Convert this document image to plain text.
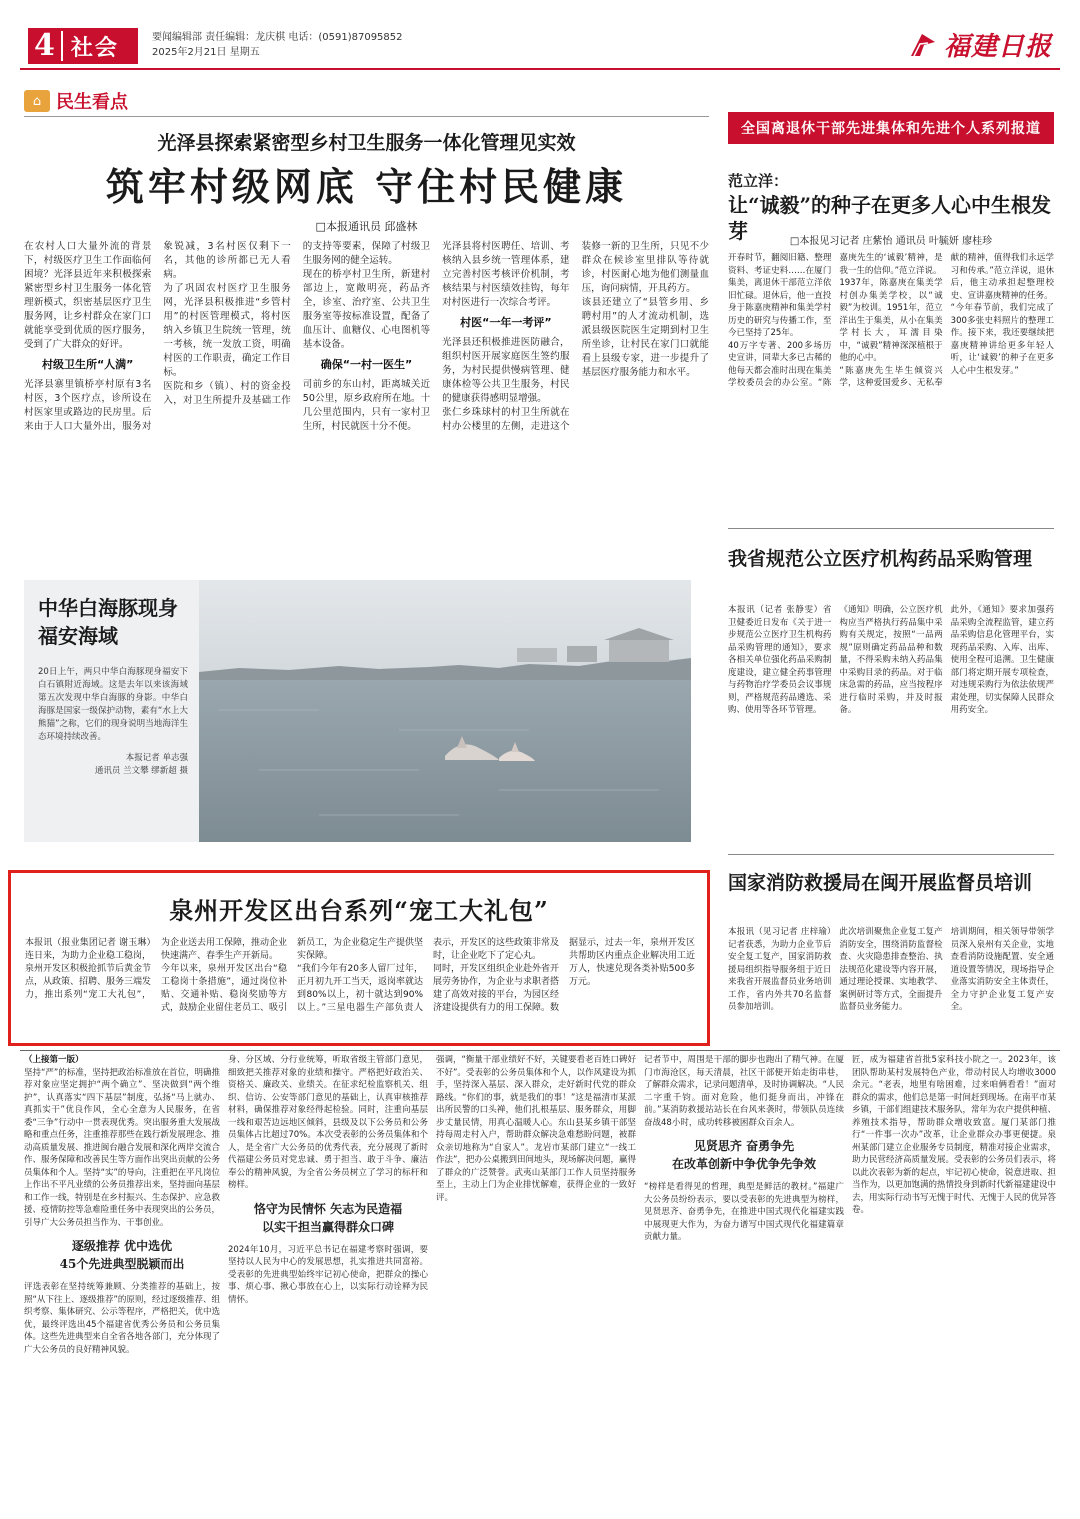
4 社会	要闻编辑部 责任编辑：龙庆棋 电话：(0591)87095852
2025年2月21日 星期五	福建日报
⌂ 民生看点
光泽县探索紧密型乡村卫生服务一体化管理见实效
筑牢村级网底 守住村民健康
□本报通讯员 邱盛林

在农村人口大量外流的背景下，村级医疗卫生工作面临何困境？光泽县近年来积极探索紧密型乡村卫生服务一体化管理新模式，织密基层医疗卫生服务网，让乡村群众在家门口就能享受到优质的医疗服务，受到了广大群众的好评。

村级卫生所“人满”

光泽县寨里镇桥亭村原有3名村医，3个医疗点，诊所设在村医家里或路边的民房里。后来由于人口大量外出，服务对象锐减，3名村医仅剩下一名，其他的诊所都已无人看病。

为了巩固农村医疗卫生服务网，光泽县积极推进“乡管村用”的村医管理模式，将村医纳入乡镇卫生院统一管理，统一考核，统一发放工资，明确村医的工作职责，确定工作目标。

医院和乡（镇）、村的资金投入，对卫生所提升及基础工作的支持等要素，保障了村级卫生服务网的健全运转。

现在的桥亭村卫生所，新建村部边上，宽敞明亮，药品齐全，诊室、治疗室、公共卫生服务室等按标准设置，配备了血压计、血糖仪、心电图机等基本设备。

确保“一村一医生”

司前乡的东山村，距离城关近50公里，原乡政府所在地。十几公里范围内，只有一家村卫生所，村民就医十分不便。

光泽县将村医聘任、培训、考核纳入县乡统一管理体系，建立完善村医考核评价机制，考核结果与村医绩效挂钩，每年对村医进行一次综合考评。

村医“一年一考评”

光泽县还积极推进医防融合，组织村医开展家庭医生签约服务，为村民提供慢病管理、健康体检等公共卫生服务，村民的健康获得感明显增强。

张仁乡珠球村的村卫生所就在村办公楼里的左侧，走进这个装修一新的卫生所，只见不少群众在候诊室里排队等待就诊，村医耐心地为他们测量血压，询问病情，开具药方。

该县还建立了“县管乡用、乡聘村用”的人才流动机制，选派县级医院医生定期到村卫生所坐诊，让村民在家门口就能看上县级专家，进一步提升了基层医疗服务能力和水平。

中华白海豚现身福安海域
20日上午，两只中华白海豚现身福安下白石镇附近海域。这是去年以来该海域第五次发现中华白海豚的身影。中华白海豚是国家一级保护动物，素有“水上大熊猫”之称，它们的现身说明当地海洋生态环境持续改善。
本报记者 单志强
通讯员 兰文攀 缪新超 摄
泉州开发区出台系列“宠工大礼包”

本报讯（报业集团记者 谢玉琳）连日来，为助力企业稳工稳岗，泉州开发区积极抢抓节后黄金节点，从政策、招聘、服务三端发力，推出系列“宠工大礼包”，为企业送去用工保障，推动企业快速满产、春季生产开新局。

今年以来，泉州开发区出台“稳工稳岗十条措施”，通过岗位补贴、交通补贴、稳岗奖励等方式，鼓励企业留住老员工、吸引新员工，为企业稳定生产提供坚实保障。

“我们今年有20多人留厂过年，正月初九开工当天，返岗率就达到80%以上，初十就达到90%以上。”三星电器生产部负责人表示，开发区的这些政策非常及时，让企业吃下了定心丸。

同时，开发区组织企业赴外省开展劳务协作，为企业与求职者搭建了高效对接的平台，为园区经济建设提供有力的用工保障。数据显示，过去一年，泉州开发区共帮助区内重点企业解决用工近万人，快速兑现各类补贴500多万元。

全国离退休干部先进集体和先进个人系列报道
范立洋：
让“诚毅”的种子在更多人心中生根发芽	□本报见习记者 庄紫怡 通讯员 叶毓妍 廖桂珍

开春时节，翻阅旧籍、整理资料、考证史料……在厦门集美，离退休干部范立洋依旧忙碌。退休后，他一直投身于陈嘉庚精神和集美学村历史的研究与传播工作，至今已坚持了25年。

40万字专著、200多场历史宣讲，同辈大多已古稀的他每天都会准时出现在集美学校委员会的办公室。“陈嘉庚先生的‘诚毅’精神，是我一生的信仰。”范立洋说。

1937年，陈嘉庚在集美学村创办集美学校，以“诚毅”为校训。1951年，范立洋出生于集美，从小在集美学村长大，耳濡目染中，“诚毅”精神深深植根于他的心中。

“陈嘉庚先生毕生倾资兴学，这种爱国爱乡、无私奉献的精神，值得我们永远学习和传承。”范立洋说，退休后，他主动承担起整理校史、宣讲嘉庚精神的任务。

“今年春节前，我们完成了300多张史料照片的整理工作。接下来，我还要继续把嘉庚精神讲给更多年轻人听，让‘诚毅’的种子在更多人心中生根发芽。”

我省规范公立医疗机构药品采购管理

本报讯（记者 张静雯）省卫健委近日发布《关于进一步规范公立医疗卫生机构药品采购管理的通知》，要求各相关单位强化药品采购制度建设，建立健全药事管理与药物治疗学委员会议事规则，严格规范药品遴选、采购、使用等各环节管理。

《通知》明确，公立医疗机构应当严格执行药品集中采购有关规定，按照“一品两规”原则确定药品品种和数量，不得采购未纳入药品集中采购目录的药品。对于临床急需的药品，应当按程序进行临时采购，并及时报备。

此外，《通知》要求加强药品采购全流程监管，建立药品采购信息化管理平台，实现药品采购、入库、出库、使用全程可追溯。卫生健康部门将定期开展专项检查，对违规采购行为依法依规严肃处理，切实保障人民群众用药安全。

国家消防救援局在闽开展监督员培训

本报讯（见习记者 庄梓瑜）记者获悉，为助力企业节后安全复工复产，国家消防救援局组织指导服务组于近日来我省开展监督员业务培训工作，省内外共70名监督员参加培训。

此次培训聚焦企业复工复产消防安全，围绕消防监督检查、火灾隐患排查整治、执法规范化建设等内容开展，通过理论授课、实地教学、案例研讨等方式，全面提升监督员业务能力。

培训期间，相关领导带领学员深入泉州有关企业，实地查看消防设施配置、安全通道设置等情况，现场指导企业落实消防安全主体责任，全力守护企业复工复产安全。

（上接第一版）

坚持“严”的标准，坚持把政治标准放在首位，明确推荐对象应坚定拥护“两个确立”、坚决做到“两个维护”，认真落实“四下基层”制度，弘扬“马上就办、真抓实干”优良作风，全心全意为人民服务，在省委“三争”行动中一贯表现优秀。突出服务重大发展战略和重点任务，注重推荐那些在践行新发展理念、推动高质量发展、推进闽台融合发展和深化两岸交流合作、服务保障和改善民生等方面作出突出贡献的公务员集体和个人。坚持“实”的导向，注重把在平凡岗位上作出不平凡业绩的公务员推荐出来，坚持面向基层和工作一线，特别是在乡村振兴、生态保护、应急救援、疫情防控等急难险重任务中表现突出的公务员，引导广大公务员担当作为、干事创业。

逐级推荐 优中选优
45个先进典型脱颖而出

评选表彰在坚持统筹兼顾、分类推荐的基础上，按照“从下往上、逐级推荐”的原则，经过逐级推荐、组织考察、集体研究、公示等程序，严格把关，优中选优，最终评选出45个福建省优秀公务员和公务员集体。这些先进典型来自全省各地各部门，充分体现了广大公务员的良好精神风貌。

身、分区域、分行业统筹，听取省级主管部门意见，细致把关推荐对象的业绩和操守。严格把好政治关、资格关、廉政关、业绩关。在征求纪检监察机关、组织、信访、公安等部门意见的基础上，认真审核推荐材料，确保推荐对象经得起检验。同时，注重向基层一线和艰苦边远地区倾斜，县级及以下公务员和公务员集体占比超过70%。本次受表彰的公务员集体和个人，是全省广大公务员的优秀代表，充分展现了新时代福建公务员对党忠诚、勇于担当、敢于斗争、廉洁奉公的精神风貌，为全省公务员树立了学习的标杆和榜样。

恪守为民情怀 矢志为民造福
以实干担当赢得群众口碑

2024年10月，习近平总书记在福建考察时强调，要坚持以人民为中心的发展思想，扎实推进共同富裕。受表彰的先进典型始终牢记初心使命，把群众的操心事、烦心事、揪心事放在心上，以实际行动诠释为民情怀。

强调，“衡量干部业绩好不好，关键要看老百姓口碑好不好”。受表彰的公务员集体和个人，以作风建设为抓手，坚持深入基层、深入群众，走好新时代党的群众路线。“你们的事，就是我们的事！”这是福清市某派出所民警的口头禅，他们扎根基层、服务群众，用脚步丈量民情，用真心温暖人心。东山县某乡镇干部坚持每周走村入户，帮助群众解决急难愁盼问题，被群众亲切地称为“自家人”。龙岩市某部门建立“一线工作法”，把办公桌搬到田间地头，现场解决问题，赢得了群众的广泛赞誉。武夷山某部门工作人员坚持服务至上，主动上门为企业排忧解难，获得企业的一致好评。

记者节中，周围是干部的脚步也跑出了精气神。在厦门市海沧区，每天清晨，社区干部便开始走街串巷，了解群众需求，记录问题清单，及时协调解决。“人民二字重千钧。面对危险，他们挺身而出，冲锋在前。”某消防救援站站长在台风来袭时，带领队员连续奋战48小时，成功转移被困群众百余人。

见贤思齐 奋勇争先
在改革创新中争优争先争效

“榜样是看得见的哲理，典型是鲜活的教材。”福建广大公务员纷纷表示，要以受表彰的先进典型为榜样，见贤思齐、奋勇争先，在推进中国式现代化福建实践中展现更大作为，为奋力谱写中国式现代化福建篇章贡献力量。

匠，成为福建省首批5家科技小院之一。2023年，该团队帮助某村发展特色产业，带动村民人均增收3000余元。“老表，地里有啥困难，过来咱俩看看！”面对群众的需求，他们总是第一时间赶到现场。在南平市某乡镇，干部们组建技术服务队，常年为农户提供种植、养殖技术指导，帮助群众增收致富。厦门某部门推行“一件事一次办”改革，让企业群众办事更便捷。泉州某部门建立企业服务专员制度，精准对接企业需求，助力民营经济高质量发展。受表彰的公务员们表示，将以此次表彰为新的起点，牢记初心使命，锐意进取、担当作为，以更加饱满的热情投身到新时代新福建建设中去，用实际行动书写无愧于时代、无愧于人民的优异答卷。
